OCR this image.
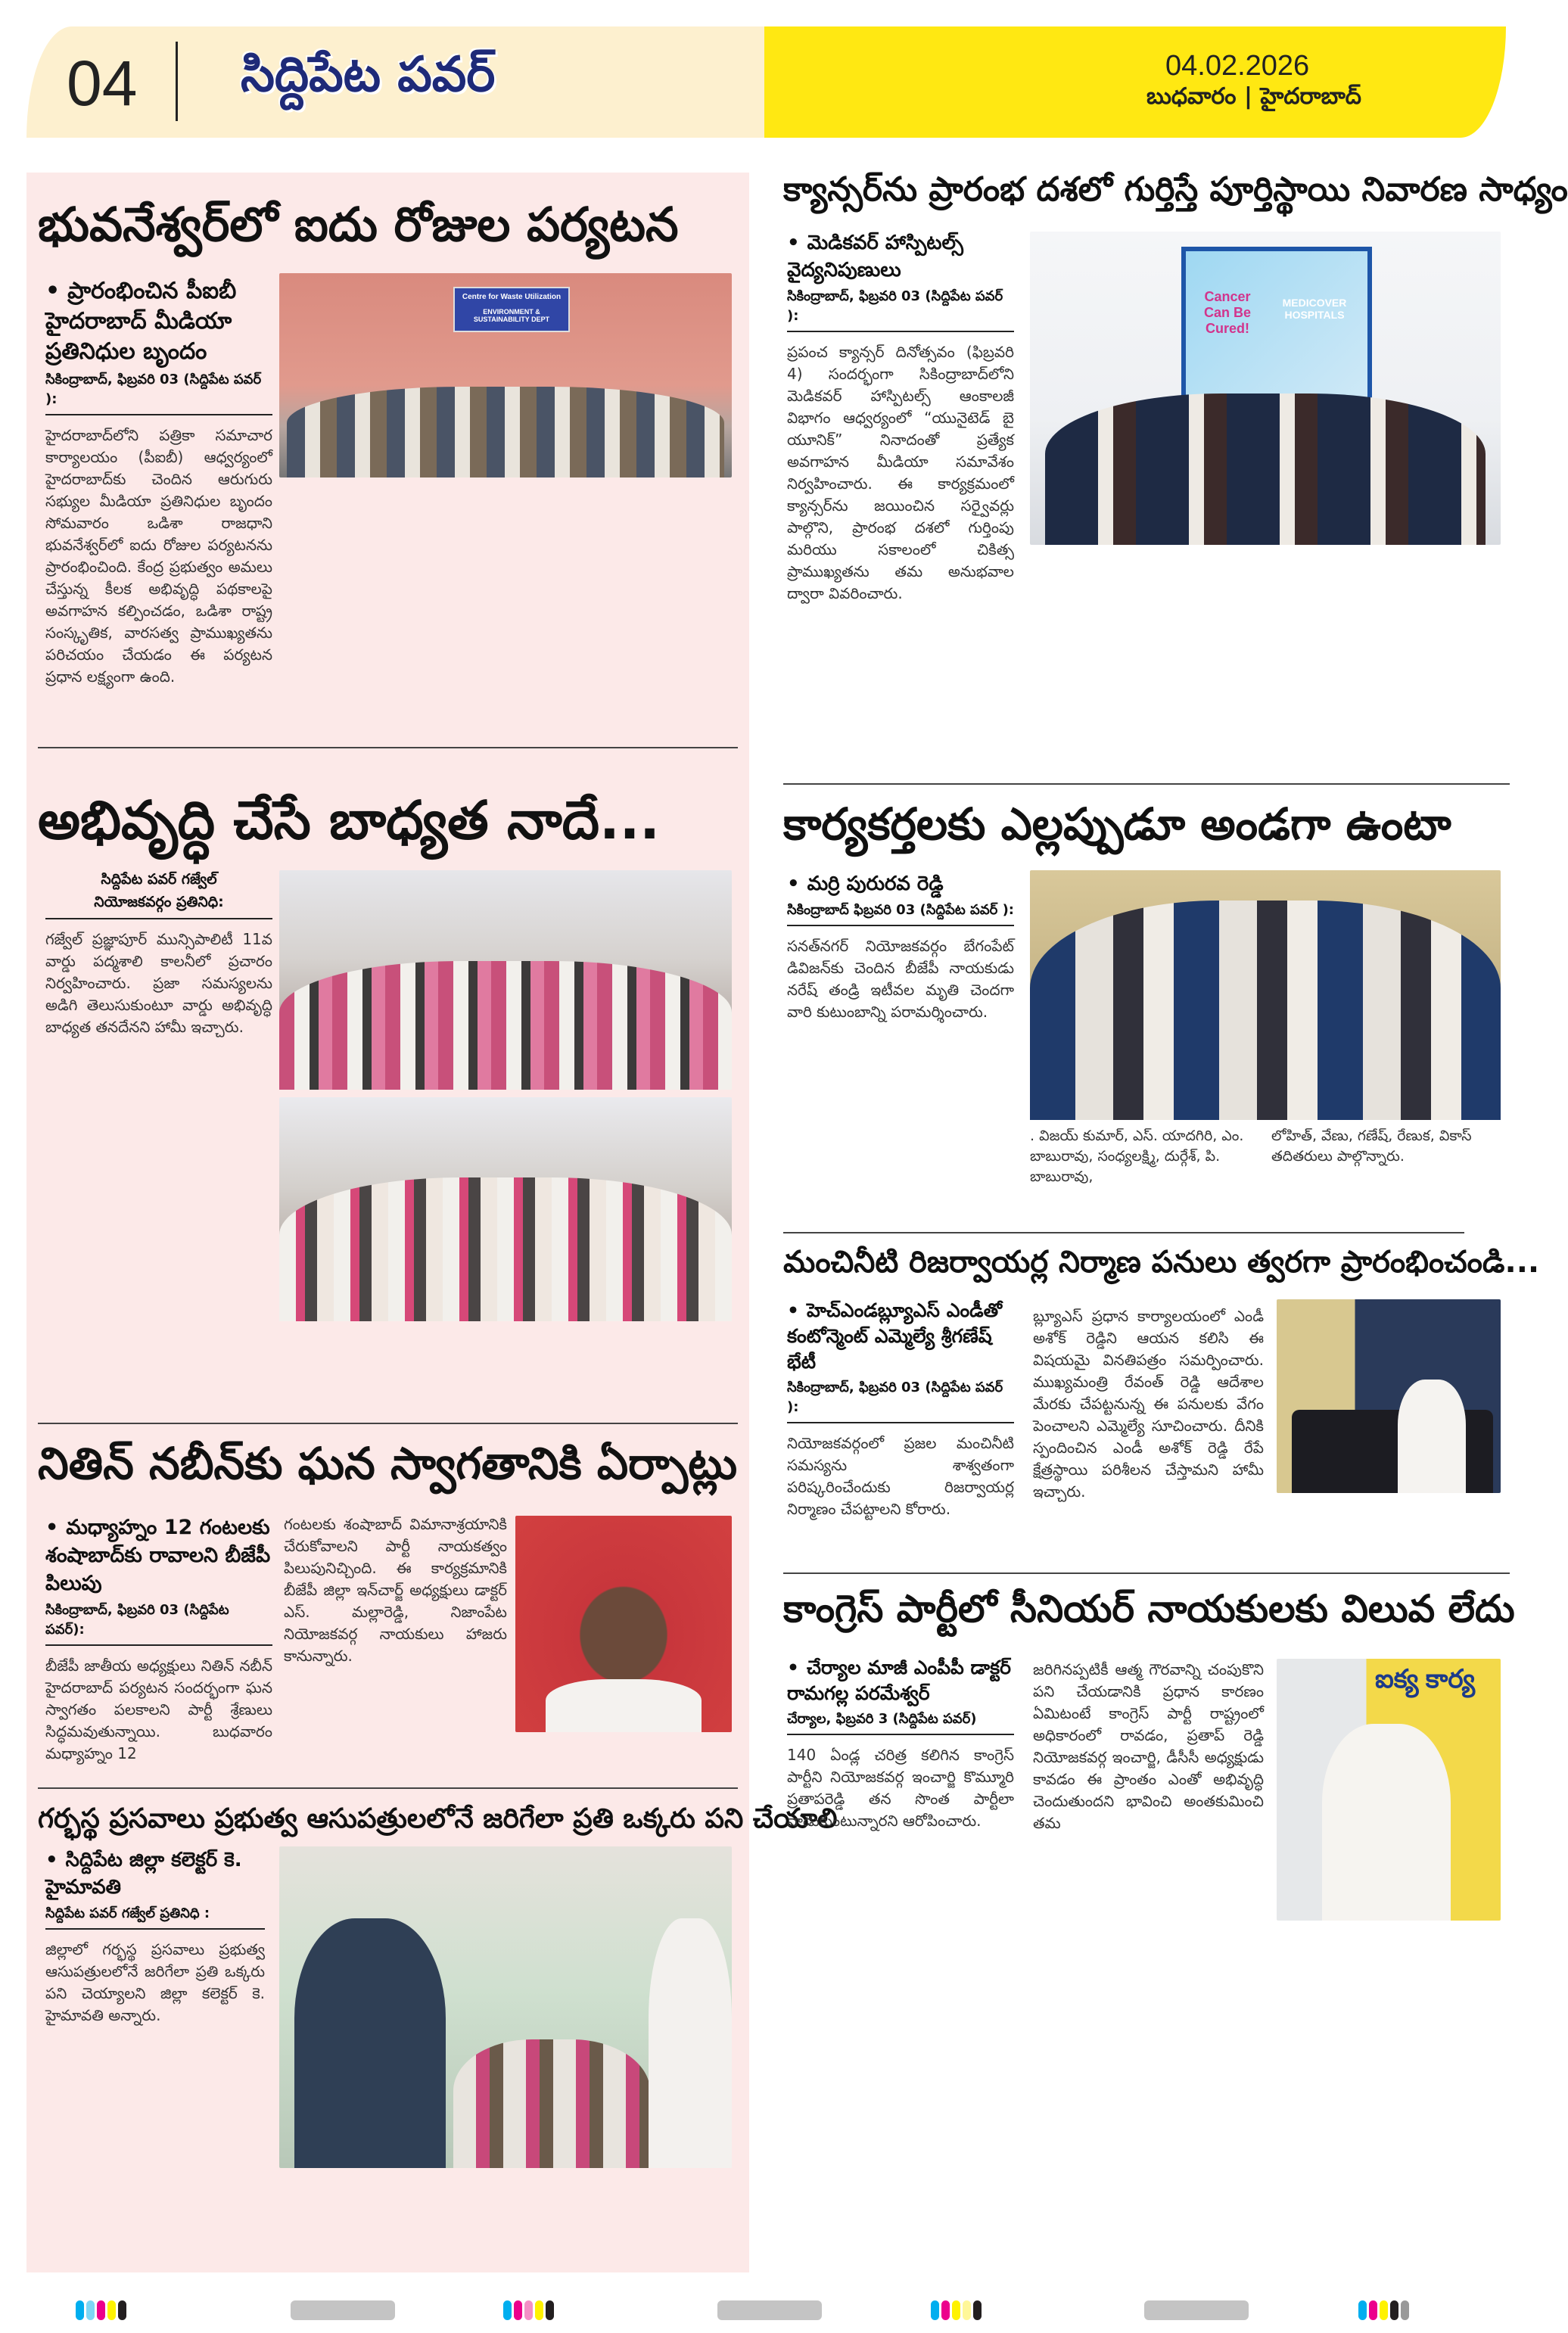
04 సిద్దిపేట పవర్	04.02.2026
బుధవారం | హైదరాబాద్
భువనేశ్వర్‌లో ఐదు రోజుల పర్యటన
• ప్రారంభించిన పీఐబీ హైదరాబాద్ మీడియా ప్రతినిధుల బృందం
సికింద్రాబాద్, ఫిబ్రవరి 03 (సిద్దిపేట పవర్ ):
హైదరాబాద్‌లోని పత్రికా సమాచార కార్యాలయం (పీఐబీ) ఆధ్వర్యంలో హైదరాబాద్‌కు చెందిన ఆరుగురు సభ్యుల మీడియా ప్రతినిధుల బృందం సోమవారం ఒడిశా రాజధాని భువనేశ్వర్‌లో ఐదు రోజుల పర్యటనను ప్రారంభించింది. కేంద్ర ప్రభుత్వం అమలు చేస్తున్న కీలక అభివృద్ధి పథకాలపై అవగాహన కల్పించడం, ఒడిశా రాష్ట్ర సంస్కృతిక, వారసత్వ ప్రాముఖ్యతను పరిచయం చేయడం ఈ పర్యటన ప్రధాన లక్ష్యంగా ఉంది.
Centre for Waste Utilization
ENVIRONMENT & SUSTAINABILITY DEPT
అభివృద్ధి చేసే బాధ్యత నాదే...
సిద్దిపేట పవర్ గజ్వేల్
నియోజకవర్గం ప్రతినిధి:
గజ్వేల్ ప్రజ్ఞాపూర్ మున్సిపాలిటీ 11వ వార్డు పద్మశాలి కాలనీలో ప్రచారం నిర్వహించారు. ప్రజా సమస్యలను అడిగి తెలుసుకుంటూ వార్డు అభివృద్ధి బాధ్యత తనదేనని హామీ ఇచ్చారు.
నితిన్ నబీన్‌కు ఘన స్వాగతానికి ఏర్పాట్లు
• మధ్యాహ్నం 12 గంటలకు శంషాబాద్‌కు రావాలని బీజేపీ పిలుపు
సికింద్రాబాద్, ఫిబ్రవరి 03 (సిద్దిపేట పవర్):
బీజేపీ జాతీయ అధ్యక్షులు నితిన్ నబీన్ హైదరాబాద్ పర్యటన సందర్భంగా ఘన స్వాగతం పలకాలని పార్టీ శ్రేణులు సిద్ధమవుతున్నాయి. బుధవారం మధ్యాహ్నం 12
గంటలకు శంషాబాద్ విమానాశ్రయానికి చేరుకోవాలని పార్టీ నాయకత్వం పిలుపునిచ్చింది. ఈ కార్యక్రమానికి బీజేపీ జిల్లా ఇన్‌చార్జ్ అధ్యక్షులు డాక్టర్ ఎస్. మల్లారెడ్డి, నిజాంపేట నియోజకవర్గ నాయకులు హాజరు కానున్నారు.
గర్భస్థ ప్రసవాలు ప్రభుత్వ ఆసుపత్రులలోనే జరిగేలా ప్రతి ఒక్కరు పని చేయాలి
• సిద్దిపేట జిల్లా కలెక్టర్ కె. హైమావతి
సిద్దిపేట పవర్ గజ్వేల్ ప్రతినిధి :
జిల్లాలో గర్భస్థ ప్రసవాలు ప్రభుత్వ ఆసుపత్రులలోనే జరిగేలా ప్రతి ఒక్కరు పని చెయ్యాలని జిల్లా కలెక్టర్ కె. హైమావతి అన్నారు.
క్యాన్సర్‌ను ప్రారంభ దశలో గుర్తిస్తే పూర్తిస్థాయి నివారణ సాధ్యం
• మెడికవర్ హాస్పిటల్స్ వైద్యనిపుణులు
సికింద్రాబాద్, ఫిబ్రవరి 03 (సిద్దిపేట పవర్ ):
ప్రపంచ క్యాన్సర్ దినోత్సవం (ఫిబ్రవరి 4) సందర్భంగా సికింద్రాబాద్‌లోని మెడికవర్ హాస్పిటల్స్ ఆంకాలజీ విభాగం ఆధ్వర్యంలో “యునైటెడ్ బై యూనిక్” నినాదంతో ప్రత్యేక అవగాహన మీడియా సమావేశం నిర్వహించారు. ఈ కార్యక్రమంలో క్యాన్సర్‌ను జయించిన సర్వైవర్లు పాల్గొని, ప్రారంభ దశలో గుర్తింపు మరియు సకాలంలో చికిత్స ప్రాముఖ్యతను తమ అనుభవాల ద్వారా వివరించారు.
Cancer Can Be Cured!
MEDICOVER HOSPITALS
కార్యకర్తలకు ఎల్లప్పుడూ అండగా ఉంటా
• మర్రి పురురవ రెడ్డి
సికింద్రాబాద్ ఫిబ్రవరి 03 (సిద్దిపేట పవర్ ):
సనత్‌నగర్ నియోజకవర్గం బేగంపేట్ డివిజన్‌కు చెందిన బీజేపీ నాయకుడు నరేష్ తండ్రి ఇటీవల మృతి చెందగా వారి కుటుంబాన్ని పరామర్శించారు.
. విజయ్ కుమార్, ఎస్. యాదగిరి, ఎం. బాబురావు, సంధ్యలక్ష్మి, దుర్గేశ్, పి. బాబురావు,
లోహిత్, వేణు, గణేష్, రేణుక, వికాస్ తదితరులు పాల్గొన్నారు.
మంచినీటి రిజర్వాయర్ల నిర్మాణ పనులు త్వరగా ప్రారంభించండి...
• హెచ్ఎండబ్ల్యూఎస్ ఎండీతో కంటోన్మెంట్ ఎమ్మెల్యే శ్రీగణేష్ భేటీ
సికింద్రాబాద్, ఫిబ్రవరి 03 (సిద్దిపేట పవర్ ):
నియోజకవర్గంలో ప్రజల మంచినీటి సమస్యను శాశ్వతంగా పరిష్కరించేందుకు రిజర్వాయర్ల నిర్మాణం చేపట్టాలని కోరారు.
బ్ల్యూఎస్ ప్రధాన కార్యాలయంలో ఎండీ అశోక్ రెడ్డిని ఆయన కలిసి ఈ విషయమై వినతిపత్రం సమర్పించారు. ముఖ్యమంత్రి రేవంత్ రెడ్డి ఆదేశాల మేరకు చేపట్టనున్న ఈ పనులకు వేగం పెంచాలని ఎమ్మెల్యే సూచించారు. దీనికి స్పందించిన ఎండీ అశోక్ రెడ్డి రేపే క్షేత్రస్థాయి పరిశీలన చేస్తామని హామీ ఇచ్చారు.
కాంగ్రెస్ పార్టీలో సీనియర్ నాయకులకు విలువ లేదు
• చేర్యాల మాజీ ఎంపీపీ డాక్టర్ రామగల్ల పరమేశ్వర్
చేర్యాల, ఫిబ్రవరి 3 (సిద్దిపేట పవర్)
140 ఏండ్ల చరిత్ర కలిగిన కాంగ్రెస్ పార్టీని నియోజకవర్గ ఇంచార్జి కొమ్మూరి ప్రతాపరెడ్డి తన సొంత పార్టీలా వాడుకుంటున్నారని ఆరోపించారు.
జరిగినప్పటికీ ఆత్మ గౌరవాన్ని చంపుకొని పని చేయడానికి ప్రధాన కారణం ఏమిటంటే కాంగ్రెస్ పార్టీ రాష్ట్రంలో అధికారంలో రావడం, ప్రతాప్ రెడ్డి నియోజకవర్గ ఇంచార్జి, డీసీసీ అధ్యక్షుడు కావడం ఈ ప్రాంతం ఎంతో అభివృద్ధి చెందుతుందని భావించి అంతకుమించి తమ
ఐక్య కార్య
